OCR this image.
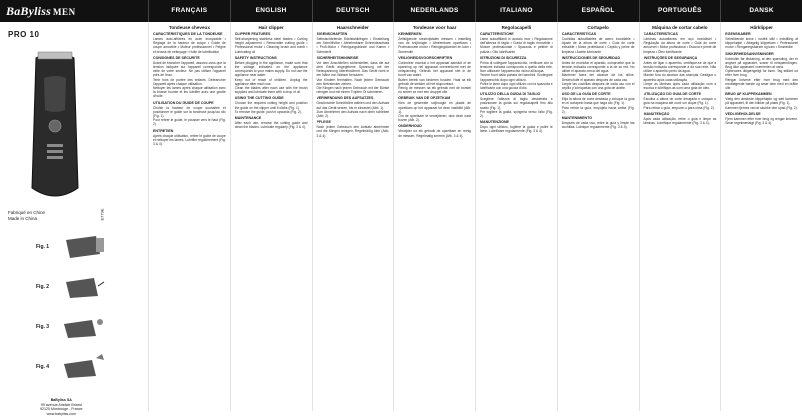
BaByliss MEN	FRANÇAIS	ENGLISH	DEUTSCH	NEDERLANDS	ITALIANO	ESPAÑOL	PORTUGUÊS	DANSK
PRO 10
Fabriqué en Chine
Made in China	E779E
Fig. 1
Fig. 2
Fig. 3
Fig. 4
BaByliss SA
99 avenue Aristide Briand
92120 Montrouge - France
www.babyliss.com
Tondeuse cheveux
CARACTÉRISTIQUES DE LA TONDEUSE
Lames auto-affûtées en acier inoxydable • Réglage de la hauteur de coupe • Guide de coupe amovible • Moteur professionnel • Peigne et brosse de nettoyage • Huile de lubrification
CONSIGNES DE SÉCURITÉ
Avant de brancher l'appareil, assurez-vous que la tension indiquée sur l'appareil corresponde à celle de votre secteur. Ne pas utiliser l'appareil près de l'eau.
Tenir hors de portée des enfants. Débrancher l'appareil après chaque utilisation.
Nettoyer les lames après chaque utilisation avec la brosse fournie et les lubrifier avec une goutte d'huile.
UTILISATION DU GUIDE DE COUPE
Choisir la hauteur de coupe souhaitée et positionner le guide sur la tondeuse jusqu'au clic (Fig. 1).
Pour retirer le guide, le pousser vers le haut (Fig. 2).
ENTRETIEN
Après chaque utilisation, retirer le guide de coupe et nettoyer les lames. Lubrifier régulièrement (Fig. 3 & 4).
Hair clipper
CLIPPER FEATURES
Self-sharpening stainless steel blades • Cutting height adjustment • Removable cutting guide • Professional motor • Cleaning brush and comb • Lubricating oil
SAFETY INSTRUCTIONS
Before plugging in the appliance, make sure that the voltage indicated on the appliance corresponds to your mains supply. Do not use the appliance near water.
Keep out of reach of children. Unplug the appliance after each use.
Clean the blades after each use with the brush supplied and lubricate them with a drop of oil.
USING THE CUTTING GUIDE
Choose the required cutting height and position the guide on the clipper until it clicks (Fig. 1).
To remove the guide, push it upwards (Fig. 2).
MAINTENANCE
After each use, remove the cutting guide and clean the blades. Lubricate regularly (Fig. 3 & 4).
Haarschneider
EIGENSCHAFTEN
Selbstschärfende Edelstahlklingen • Einstellung der Schnitthöhe • Abnehmbarer Schneideaufsatz • Profi-Motor • Reinigungsbürste und Kamm • Schmieröl
SICHERHEITSHINWEISE
Vor dem Anschließen sicherstellen, dass die auf dem Gerät angegebene Spannung mit der Netzspannung übereinstimmt. Das Gerät nicht in der Nähe von Wasser benutzen.
Von Kindern fernhalten. Nach jedem Gebrauch den Netzstecker ziehen.
Die Klingen nach jedem Gebrauch mit der Bürste reinigen und mit einem Tropfen Öl schmieren.
VERWENDUNG DES AUFSATZES
Gewünschte Schnitthöhe wählen und den Aufsatz auf das Gerät setzen, bis er einrastet (Abb. 1).
Zum Abnehmen den Aufsatz nach oben schieben (Abb. 2).
PFLEGE
Nach jedem Gebrauch den Aufsatz abnehmen und die Klingen reinigen. Regelmäßig ölen (Abb. 3 & 4).
Tondeuse voor haar
KENMERKEN
Zelfslijpende roestvrijstalen messen • Instelling van de snijhoogte • Afneembare opzetkam • Professionele motor • Reinigingsborstel en kam • Smeerolie
VEILIGHEIDSVOORSCHRIFTEN
Controleer voordat u het apparaat aansluit of de spanning op het apparaat overeenkomt met de netspanning. Gebruik het apparaat niet in de buurt van water.
Buiten bereik van kinderen houden. Haal na elk gebruik de stekker uit het stopcontact.
Reinig de messen na elk gebruik met de borstel en smeer ze met een druppel olie.
GEBRUIK VAN DE OPZETKAM
Kies de gewenste snijhoogte en plaats de opzetkam op het apparaat tot deze vastklikt (Afb. 1).
Om de opzetkam te verwijderen, duw deze naar boven (Afb. 2).
ONDERHOUD
Verwijder na elk gebruik de opzetkam en reinig de messen. Regelmatig smeren (Afb. 3 & 4).
Regolacapelli
CARATTERISTICHE
Lame autoaffilanti in acciaio inox • Regolazione dell'altezza di taglio • Guida di taglio rimovibile • Motore professionale • Spazzola e pettine di pulizia • Olio lubrificante
ISTRUZIONI DI SICUREZZA
Prima di collegare l'apparecchio, verificare che la tensione indicata corrisponda a quella della rete. Non utilizzare l'apparecchio vicino all'acqua.
Tenere fuori dalla portata dei bambini. Scollegare l'apparecchio dopo ogni utilizzo.
Pulire le lame dopo ogni utilizzo con la spazzola e lubrificarle con una goccia d'olio.
UTILIZZO DELLA GUIDA DI TAGLIO
Scegliere l'altezza di taglio desiderata e posizionare la guida sul regolacapelli fino allo scatto (Fig. 1).
Per togliere la guida, spingerla verso l'alto (Fig. 2).
MANUTENZIONE
Dopo ogni utilizzo, togliere la guida e pulire le lame. Lubrificare regolarmente (Fig. 3 & 4).
Cortapelo
CARACTERÍSTICAS
Cuchillas autoafilables de acero inoxidable • Ajuste de la altura de corte • Guía de corte extraíble • Motor profesional • Cepillo y peine de limpieza • Aceite lubricante
INSTRUCCIONES DE SEGURIDAD
Antes de enchufar el aparato, compruebe que la tensión indicada corresponde a la de su red. No utilice el aparato cerca del agua.
Mantener fuera del alcance de los niños. Desenchufe el aparato después de cada uso.
Limpie las cuchillas después de cada uso con el cepillo y lubríquelas con una gota de aceite.
USO DE LA GUÍA DE CORTE
Elija la altura de corte deseada y coloque la guía en el cortapelo hasta que haga clic (Fig. 1).
Para retirar la guía, empújela hacia arriba (Fig. 2).
MANTENIMIENTO
Después de cada uso, retire la guía y limpie las cuchillas. Lubrique regularmente (Fig. 3 & 4).
Máquina de cortar cabelo
CARACTERÍSTICAS
Lâminas autoafiáveis em aço inoxidável • Regulação da altura de corte • Guia de corte amovível • Motor profissional • Escova e pente de limpeza • Óleo lubrificante
INSTRUÇÕES DE SEGURANÇA
Antes de ligar o aparelho, certifique-se de que a tensão indicada corresponde à da sua rede. Não utilize o aparelho perto da água.
Manter fora do alcance das crianças. Desligue o aparelho após cada utilização.
Limpe as lâminas após cada utilização com a escova e lubrifique-as com uma gota de óleo.
UTILIZAÇÃO DO GUIA DE CORTE
Escolha a altura de corte desejada e coloque o guia na máquina até ouvir um clique (Fig. 1).
Para retirar o guia, empurre-o para cima (Fig. 2).
MANUTENÇÃO
Após cada utilização, retire o guia e limpe as lâminas. Lubrifique regularmente (Fig. 3 & 4).
Hårklipper
EGENSKABER
Selvslibende knive i rustfrit stål • Indstilling af klippehøjde • Aftagelig klippekam • Professionel motor • Rengøringsbørste og kam • Smøreolie
SIKKERHEDSANVISNINGER
Kontroller før tilslutning, at den spænding, der er angivet på apparatet, svarer til netspændingen. Brug ikke apparatet i nærheden af vand.
Opbevares utilgængeligt for børn. Tag stikket ud efter hver brug.
Rengør knivene efter hver brug med den medfølgende børste og smør dem med en dråbe olie.
BRUG AF KLIPPEKAMMEN
Vælg den ønskede klippehøjde og sæt kammen på apparatet, til den klikker på plads (Fig. 1).
Kammen fjernes ved at skubbe den opad (Fig. 2).
VEDLIGEHOLDELSE
Fjern kammen efter hver brug og rengør knivene. Smør regelmæssigt (Fig. 3 & 4).
